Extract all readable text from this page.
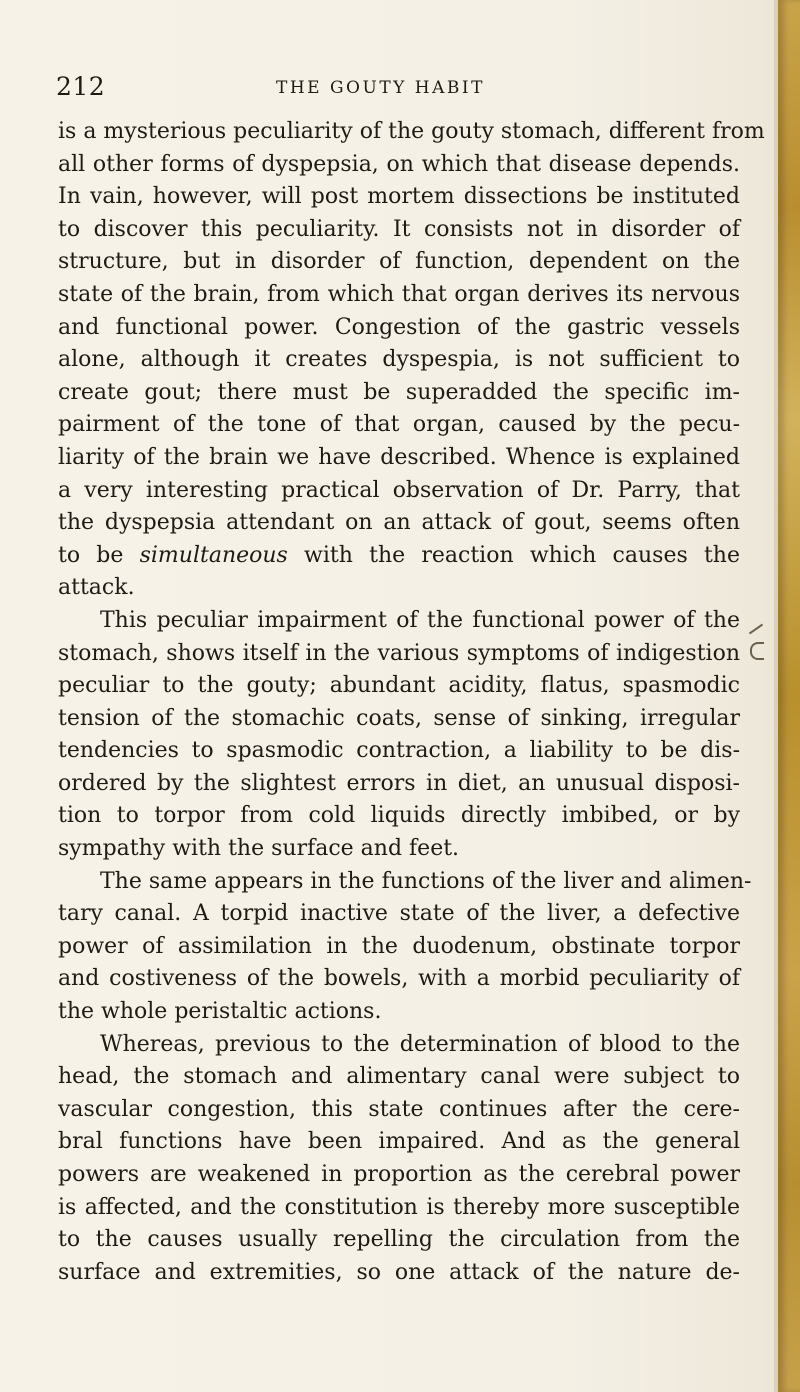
212	THE GOUTY HABIT
is a mysterious peculiarity of the gouty stomach, different from
all other forms of dyspepsia, on which that disease depends.
In vain, however, will post mortem dissections be instituted
to discover this peculiarity. It consists not in disorder of
structure, but in disorder of function, dependent on the
state of the brain, from which that organ derives its nervous
and functional power. Congestion of the gastric vessels
alone, although it creates dyspespia, is not sufficient to
create gout; there must be superadded the specific im-
pairment of the tone of that organ, caused by the pecu-
liarity of the brain we have described. Whence is explained
a very interesting practical observation of Dr. Parry, that
the dyspepsia attendant on an attack of gout, seems often
to be simultaneous with the reaction which causes the
attack.
This peculiar impairment of the functional power of the
stomach, shows itself in the various symptoms of indigestion
peculiar to the gouty; abundant acidity, flatus, spasmodic
tension of the stomachic coats, sense of sinking, irregular
tendencies to spasmodic contraction, a liability to be dis-
ordered by the slightest errors in diet, an unusual disposi-
tion to torpor from cold liquids directly imbibed, or by
sympathy with the surface and feet.
The same appears in the functions of the liver and alimen-
tary canal. A torpid inactive state of the liver, a defective
power of assimilation in the duodenum, obstinate torpor
and costiveness of the bowels, with a morbid peculiarity of
the whole peristaltic actions.
Whereas, previous to the determination of blood to the
head, the stomach and alimentary canal were subject to
vascular congestion, this state continues after the cere-
bral functions have been impaired. And as the general
powers are weakened in proportion as the cerebral power
is affected, and the constitution is thereby more susceptible
to the causes usually repelling the circulation from the
surface and extremities, so one attack of the nature de-
